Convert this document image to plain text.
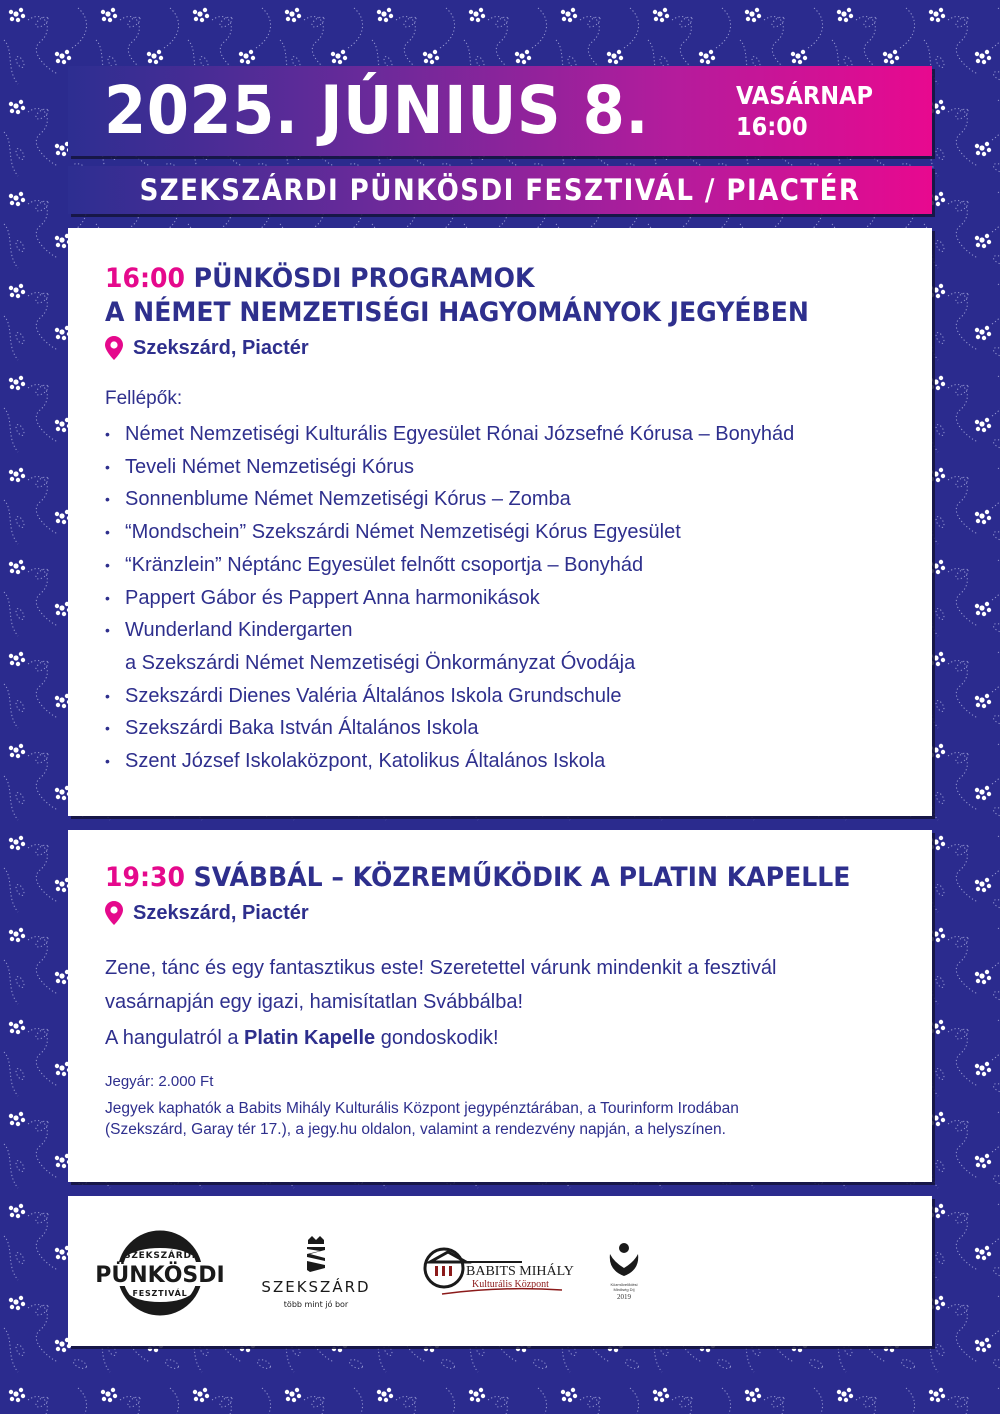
2025. JÚNIUS 8.	VASÁRNAP
16:00
SZEKSZÁRDI PÜNKÖSDI FESZTIVÁL / PIACTÉR
16:00 PÜNKÖSDI PROGRAMOK
A NÉMET NEMZETISÉGI HAGYOMÁNYOK JEGYÉBEN
Szekszárd, Piactér
Fellépők:
• Német Nemzetiségi Kulturális Egyesület Rónai Józsefné Kórusa – Bonyhád
• Teveli Német Nemzetiségi Kórus
• Sonnenblume Német Nemzetiségi Kórus – Zomba
• “Mondschein” Szekszárdi Német Nemzetiségi Kórus Egyesület
• “Kränzlein” Néptánc Egyesület felnőtt csoportja – Bonyhád
• Pappert Gábor és Pappert Anna harmonikások
• Wunderland Kindergarten
a Szekszárdi Német Nemzetiségi Önkormányzat Óvodája
• Szekszárdi Dienes Valéria Általános Iskola Grundschule
• Szekszárdi Baka István Általános Iskola
• Szent József Iskolaközpont, Katolikus Általános Iskola
19:30 SVÁBBÁL – KÖZREMŰKÖDIK A PLATIN KAPELLE
Szekszárd, Piactér
Zene, tánc és egy fantasztikus este! Szeretettel várunk mindenkit a fesztivál
vasárnapján egy igazi, hamisítatlan Svábbálba!
A hangulatról a Platin Kapelle gondoskodik!
Jegyár: 2.000 Ft
Jegyek kaphatók a Babits Mihály Kulturális Központ jegypénztárában, a Tourinform Irodában
(Szekszárd, Garay tér 17.), a jegy.hu oldalon, valamint a rendezvény napján, a helyszínen.
SZEKSZÁRDI
PÜNKÖSDI
FESZTIVÁL	SZEKSZÁRD
több mint jó bor
BABITS MIHÁLY
Kulturális Központ	Közművelődési
Minőség Díj
2019
